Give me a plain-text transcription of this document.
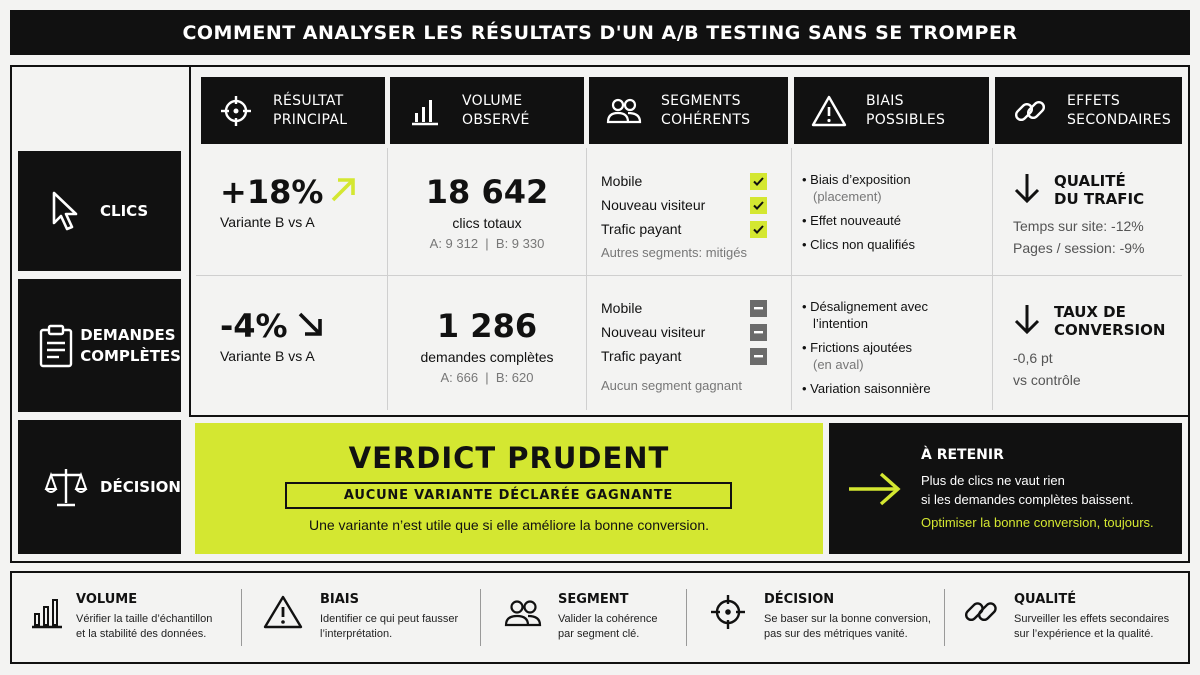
COMMENT ANALYSER LES RÉSULTATS D'UN A/B TESTING SANS SE TROMPER
CLICS
DEMANDES
COMPLÈTES
DÉCISION
RÉSULTAT
PRINCIPAL
VOLUME
OBSERVÉ
SEGMENTS
COHÉRENTS
BIAIS
POSSIBLES
EFFETS
SECONDAIRES
+18%
Variante B vs A
18 642
clics totaux
A: 9 312  |  B: 9 330
Mobile
Nouveau visiteur
Trafic payant
Autres segments: mitigés
• Biais d’exposition
(placement)
• Effet nouveauté
• Clics non qualifiés
QUALITÉ
DU TRAFIC
Temps sur site: -12%
Pages / session: -9%
-4%
Variante B vs A
1 286
demandes complètes
A: 666  |  B: 620
Mobile
Nouveau visiteur
Trafic payant
Aucun segment gagnant
• Désalignement avec
l’intention
• Frictions ajoutées
(en aval)
• Variation saisonnière
TAUX DE
CONVERSION
-0,6 pt
vs contrôle
VERDICT PRUDENT
AUCUNE VARIANTE DÉCLARÉE GAGNANTE
Une variante n’est utile que si elle améliore la bonne conversion.
À RETENIR
Plus de clics ne vaut rien
si les demandes complètes baissent.
Optimiser la bonne conversion, toujours.
VOLUME
Vérifier la taille d’échantillon
et la stabilité des données.
BIAIS
Identifier ce qui peut fausser
l’interprétation.
SEGMENT
Valider la cohérence
par segment clé.
DÉCISION
Se baser sur la bonne conversion,
pas sur des métriques vanité.
QUALITÉ
Surveiller les effets secondaires
sur l’expérience et la qualité.
